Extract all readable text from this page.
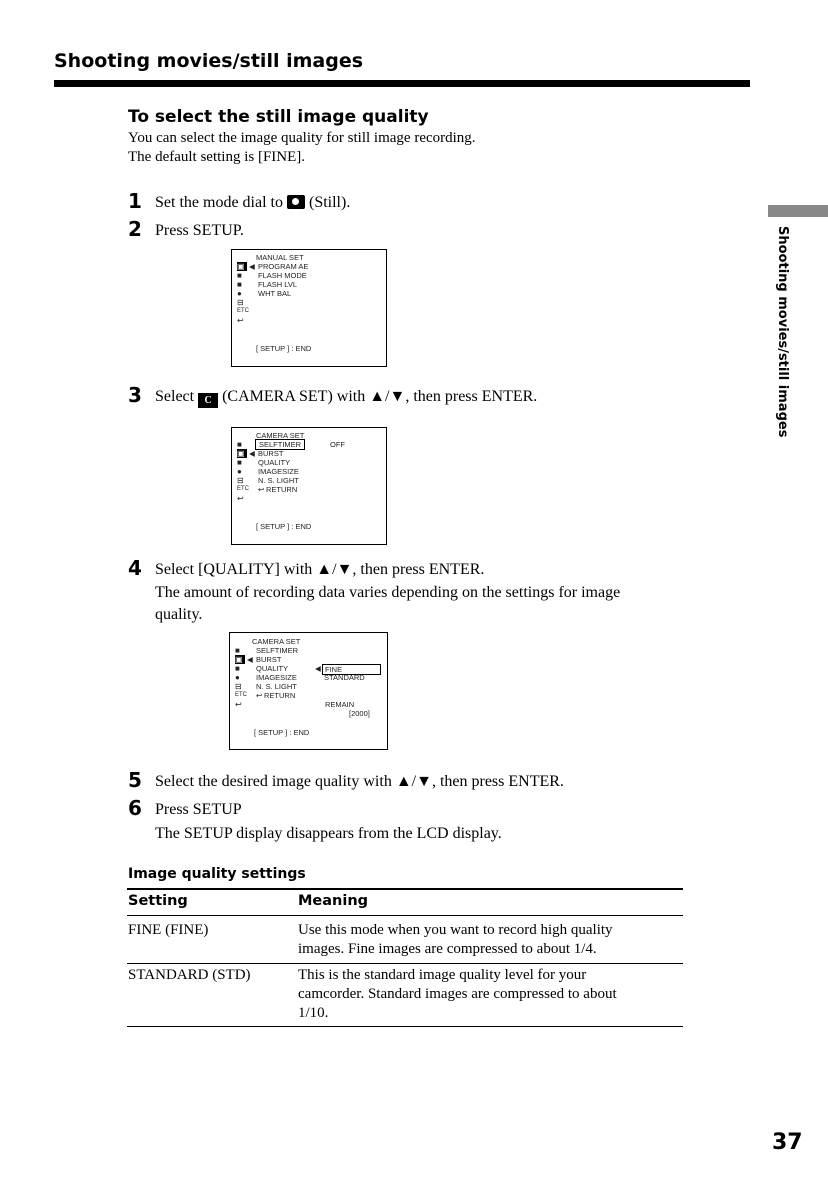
Shooting movies/still images
To select the still image quality
You can select the image quality for still image recording.
The default setting is [FINE].
1 Set the mode dial to (Still).
2 Press SETUP.
MANUAL SET
▣ ◀ PROGRAM AE
■	FLASH MODE
■	FLASH LVL
●	WHT BAL
⊟
ETC
↩
[ SETUP ] : END
3 Select C (CAMERA SET) with ▲/▼, then press ENTER.
CAMERA SET
■	SELFTIMER	OFF
▣ ◀ BURST
■	QUALITY
●	IMAGESIZE
⊟	N. S. LIGHT
ETC ↩ RETURN
↩
[ SETUP ] : END
4 Select [QUALITY] with ▲/▼, then press ENTER.
The amount of recording data varies depending on the settings for image
quality.
CAMERA SET
■	SELFTIMER
▣ ◀ BURST
■	QUALITY	◀ FINE
●	IMAGESIZE	STANDARD
⊟	N. S. LIGHT
ETC ↩ RETURN
↩	REMAIN
[2000]
[ SETUP ] : END
5 Select the desired image quality with ▲/▼, then press ENTER.
6 Press SETUP
The SETUP display disappears from the LCD display.
Image quality settings
Setting	Meaning
FINE (FINE)	Use this mode when you want to record high quality
images. Fine images are compressed to about 1/4.
STANDARD (STD)	This is the standard image quality level for your
camcorder. Standard images are compressed to about
1/10.
Shooting movies/still images
37
